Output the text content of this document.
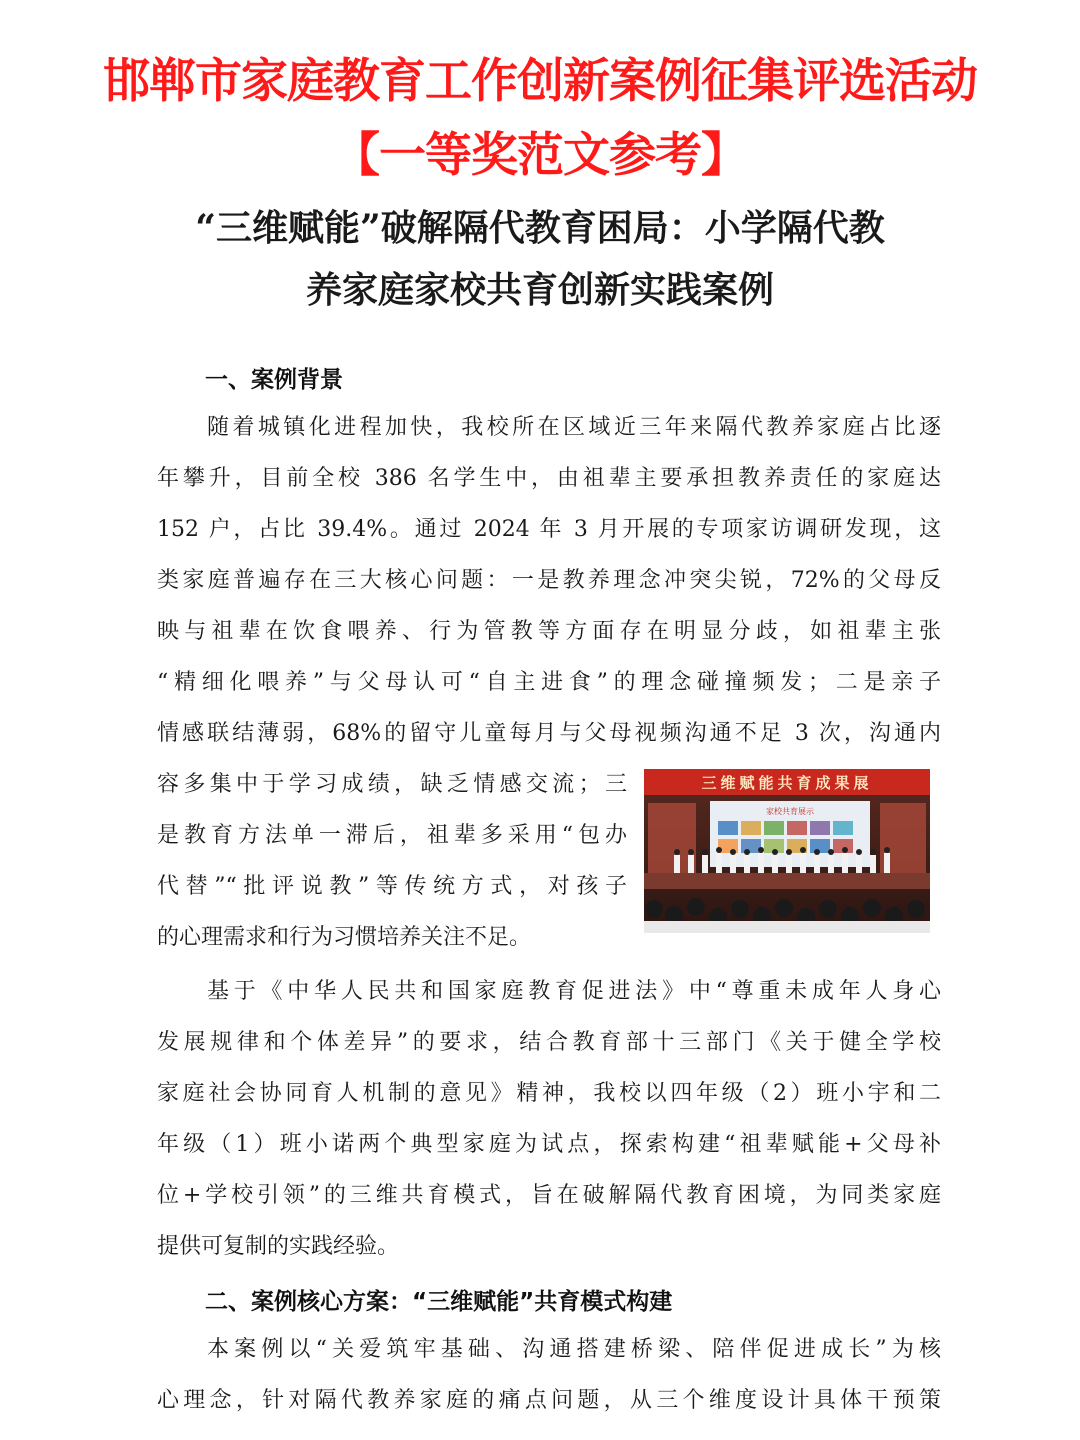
邯郸市家庭教育工作创新案例征集评选活动
【一等奖范文参考】
“三维赋能”破解隔代教育困局：小学隔代教
养家庭家校共育创新实践案例
一、案例背景
随着城镇化进程加快，我校所在区域近三年来隔代教养家庭占比逐
年攀升，目前全校 386 名学生中，由祖辈主要承担教养责任的家庭达
152 户，占比 39.4%。通过 2024 年 3 月开展的专项家访调研发现，这
类家庭普遍存在三大核心问题：一是教养理念冲突尖锐，72%的父母反
映与祖辈在饮食喂养、行为管教等方面存在明显分歧，如祖辈主张
“精细化喂养”与父母认可“自主进食”的理念碰撞频发；二是亲子
情感联结薄弱，68%的留守儿童每月与父母视频沟通不足 3 次，沟通内
容多集中于学习成绩，缺乏情感交流；三
是教育方法单一滞后，祖辈多采用“包办
代替”“批评说教”等传统方式，对孩子
的心理需求和行为习惯培养关注不足。
三维赋能共育成果展
家校共育展示
基于《中华人民共和国家庭教育促进法》中“尊重未成年人身心
发展规律和个体差异”的要求，结合教育部十三部门《关于健全学校
家庭社会协同育人机制的意见》精神，我校以四年级（2）班小宇和二
年级（1）班小诺两个典型家庭为试点，探索构建“祖辈赋能+父母补
位+学校引领”的三维共育模式，旨在破解隔代教育困境，为同类家庭
提供可复制的实践经验。
二、案例核心方案：“三维赋能”共育模式构建
本案例以“关爱筑牢基础、沟通搭建桥梁、陪伴促进成长”为核
心理念，针对隔代教养家庭的痛点问题，从三个维度设计具体干预策
